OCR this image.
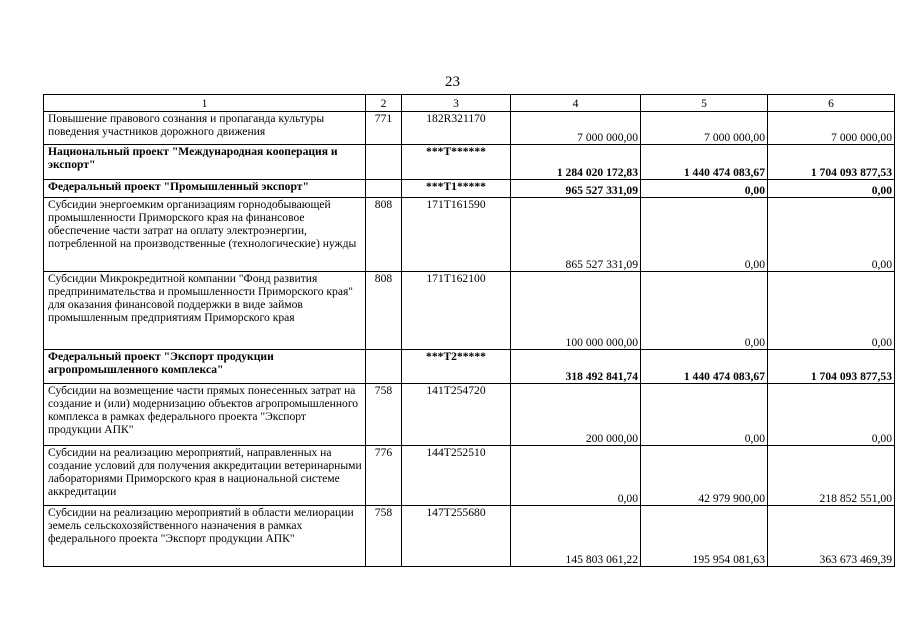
23
1	2	3	4	5	6
Повышение правового сознания и пропаганда культуры поведения участников дорожного движения	771	182R321170	7 000 000,00	7 000 000,00	7 000 000,00
Национальный проект "Международная кооперация и экспорт"		***T******	1 284 020 172,83	1 440 474 083,67	1 704 093 877,53
Федеральный проект "Промышленный экспорт"		***T1*****	965 527 331,09	0,00	0,00
Субсидии энергоемким организациям горнодобывающей промышленности Приморского края на финансовое обеспечение части затрат на оплату электроэнергии, потребленной на производственные (технологические) нужды	808	171T161590	865 527 331,09	0,00	0,00
Субсидии Микрокредитной компании "Фонд развития предпринимательства и промышленности Приморского края" для оказания финансовой поддержки в виде займов промышленным предприятиям Приморского края	808	171T162100	100 000 000,00	0,00	0,00
Федеральный проект "Экспорт продукции агропромышленного комплекса"		***T2*****	318 492 841,74	1 440 474 083,67	1 704 093 877,53
Субсидии на возмещение части прямых понесенных затрат на создание и (или) модернизацию объектов агропромышленного комплекса в рамках федерального проекта "Экспорт продукции АПК"	758	141T254720	200 000,00	0,00	0,00
Субсидии на реализацию мероприятий, направленных на создание условий для получения аккредитации ветеринарными лабораториями Приморского края в национальной системе аккредитации	776	144T252510	0,00	42 979 900,00	218 852 551,00
Субсидии на реализацию мероприятий в области мелиорации земель сельскохозяйственного назначения в рамках федерального проекта "Экспорт продукции АПК"	758	147T255680	145 803 061,22	195 954 081,63	363 673 469,39
